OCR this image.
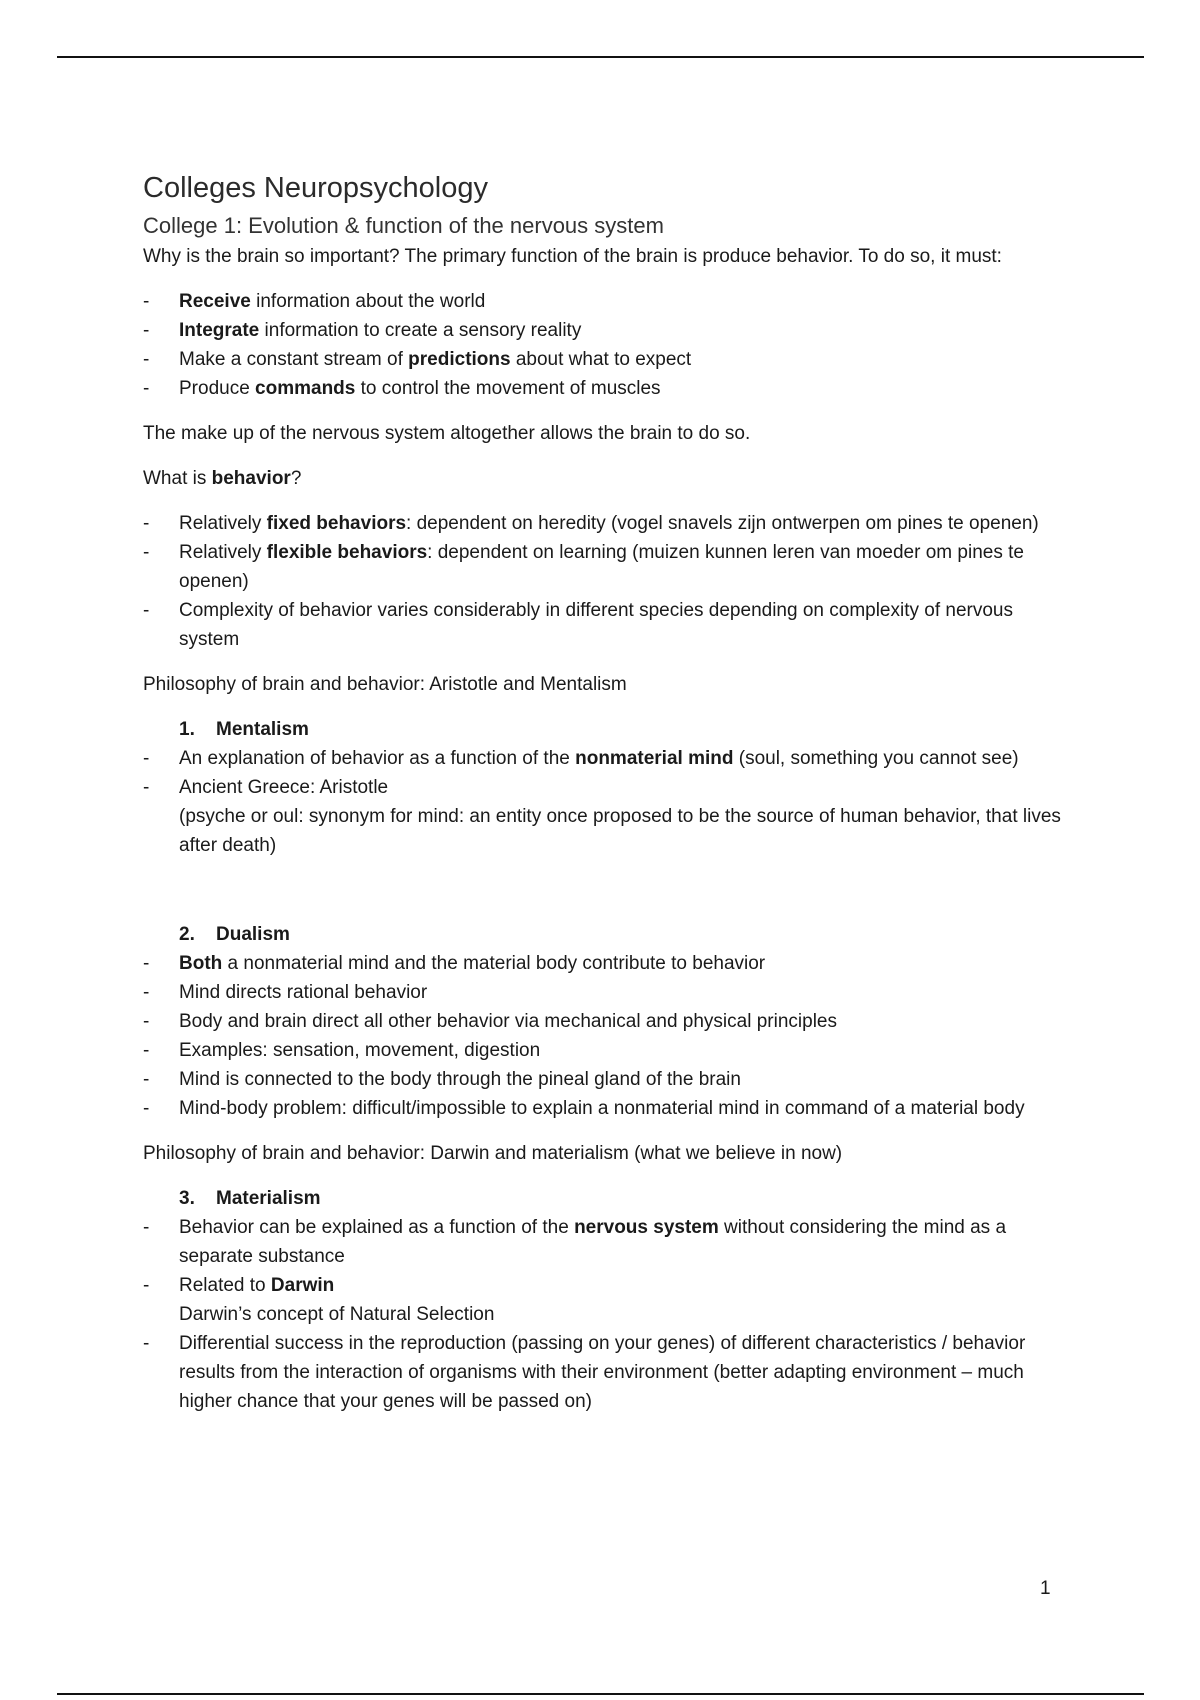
Colleges Neuropsychology
College 1: Evolution & function of the nervous system

Why is the brain so important? The primary function of the brain is produce behavior. To do so, it must:

- Receive information about the world
- Integrate information to create a sensory reality
- Make a constant stream of predictions about what to expect
- Produce commands to control the movement of muscles

The make up of the nervous system altogether allows the brain to do so.

What is behavior?

- Relatively fixed behaviors: dependent on heredity (vogel snavels zijn ontwerpen om pines te openen)
- Relatively flexible behaviors: dependent on learning (muizen kunnen leren van moeder om pines te openen)
- Complexity of behavior varies considerably in different species depending on complexity of nervous system

Philosophy of brain and behavior: Aristotle and Mentalism

1. Mentalism
- An explanation of behavior as a function of the nonmaterial mind (soul, something you cannot see)
- Ancient Greece: Aristotle
(psyche or oul: synonym for mind: an entity once proposed to be the source of human behavior, that lives after death)
2. Dualism
- Both a nonmaterial mind and the material body contribute to behavior
- Mind directs rational behavior
- Body and brain direct all other behavior via mechanical and physical principles
- Examples: sensation, movement, digestion
- Mind is connected to the body through the pineal gland of the brain
- Mind-body problem: difficult/impossible to explain a nonmaterial mind in command of a material body

Philosophy of brain and behavior: Darwin and materialism (what we believe in now)

3. Materialism
- Behavior can be explained as a function of the nervous system without considering the mind as a separate substance
- Related to Darwin
Darwin’s concept of Natural Selection
- Differential success in the reproduction (passing on your genes) of different characteristics / behavior results from the interaction of organisms with their environment (better adapting environment – much higher chance that your genes will be passed on)
1
